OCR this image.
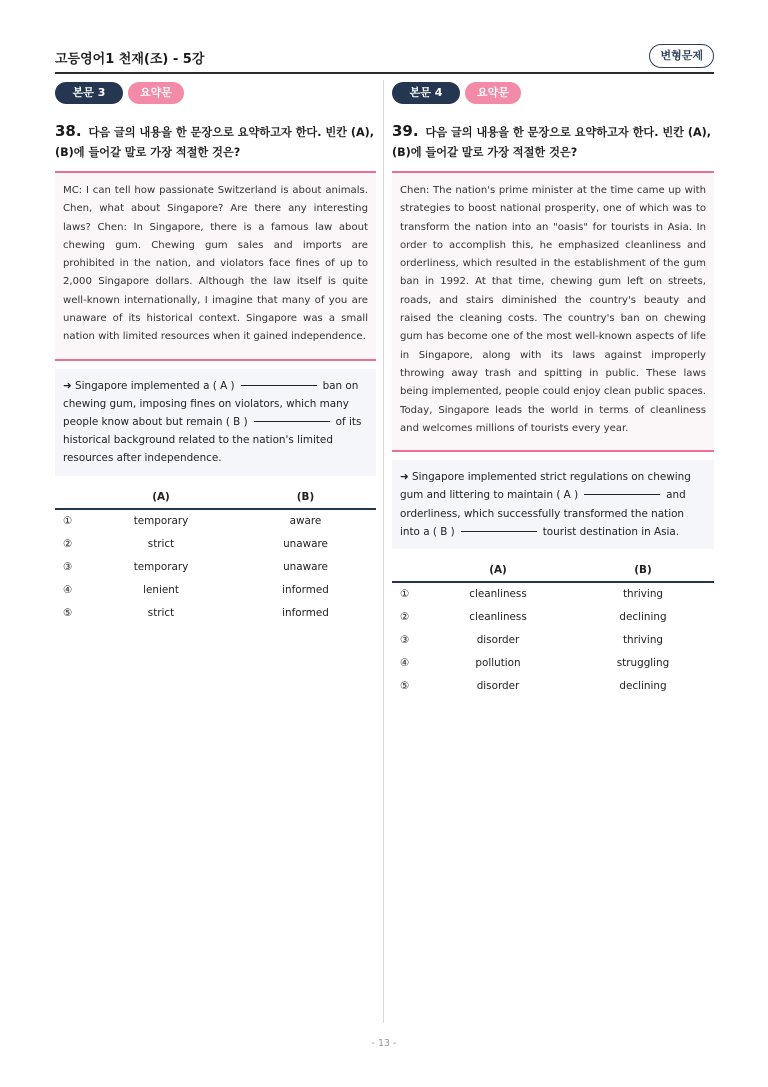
고등영어1 천재(조) - 5강	변형문제
본문 3	요약문
38. 다음 글의 내용을 한 문장으로 요약하고자 한다. 빈칸 (A), (B)에 들어갈 말로 가장 적절한 것은?
MC: I can tell how passionate Switzerland is about animals. Chen, what about Singapore? Are there any interesting laws? Chen: In Singapore, there is a famous law about chewing gum. Chewing gum sales and imports are prohibited in the nation, and violators face fines of up to 2,000 Singapore dollars. Although the law itself is quite well-known internationally, I imagine that many of you are unaware of its historical context. Singapore was a small nation with limited resources when it gained independence.
➜ Singapore implemented a ( A )	ban on chewing gum, imposing fines on violators, which many people know about but remain ( B )	of its historical background related to the nation's limited resources after independence.
(A)	(B)
①	temporary	aware
②	strict	unaware
③	temporary	unaware
④	lenient	informed
⑤	strict	informed
본문 4	요약문
39. 다음 글의 내용을 한 문장으로 요약하고자 한다. 빈칸 (A), (B)에 들어갈 말로 가장 적절한 것은?
Chen: The nation's prime minister at the time came up with strategies to boost national prosperity, one of which was to transform the nation into an "oasis" for tourists in Asia. In order to accomplish this, he emphasized cleanliness and orderliness, which resulted in the establishment of the gum ban in 1992. At that time, chewing gum left on streets, roads, and stairs diminished the country's beauty and raised the cleaning costs. The country's ban on chewing gum has become one of the most well-known aspects of life in Singapore, along with its laws against improperly throwing away trash and spitting in public. These laws being implemented, people could enjoy clean public spaces. Today, Singapore leads the world in terms of cleanliness and welcomes millions of tourists every year.
➜ Singapore implemented strict regulations on chewing gum and littering to maintain ( A )	and orderliness, which successfully transformed the nation into a ( B )	tourist destination in Asia.
(A)	(B)
①	cleanliness	thriving
②	cleanliness	declining
③	disorder	thriving
④	pollution	struggling
⑤	disorder	declining
- 13 -
